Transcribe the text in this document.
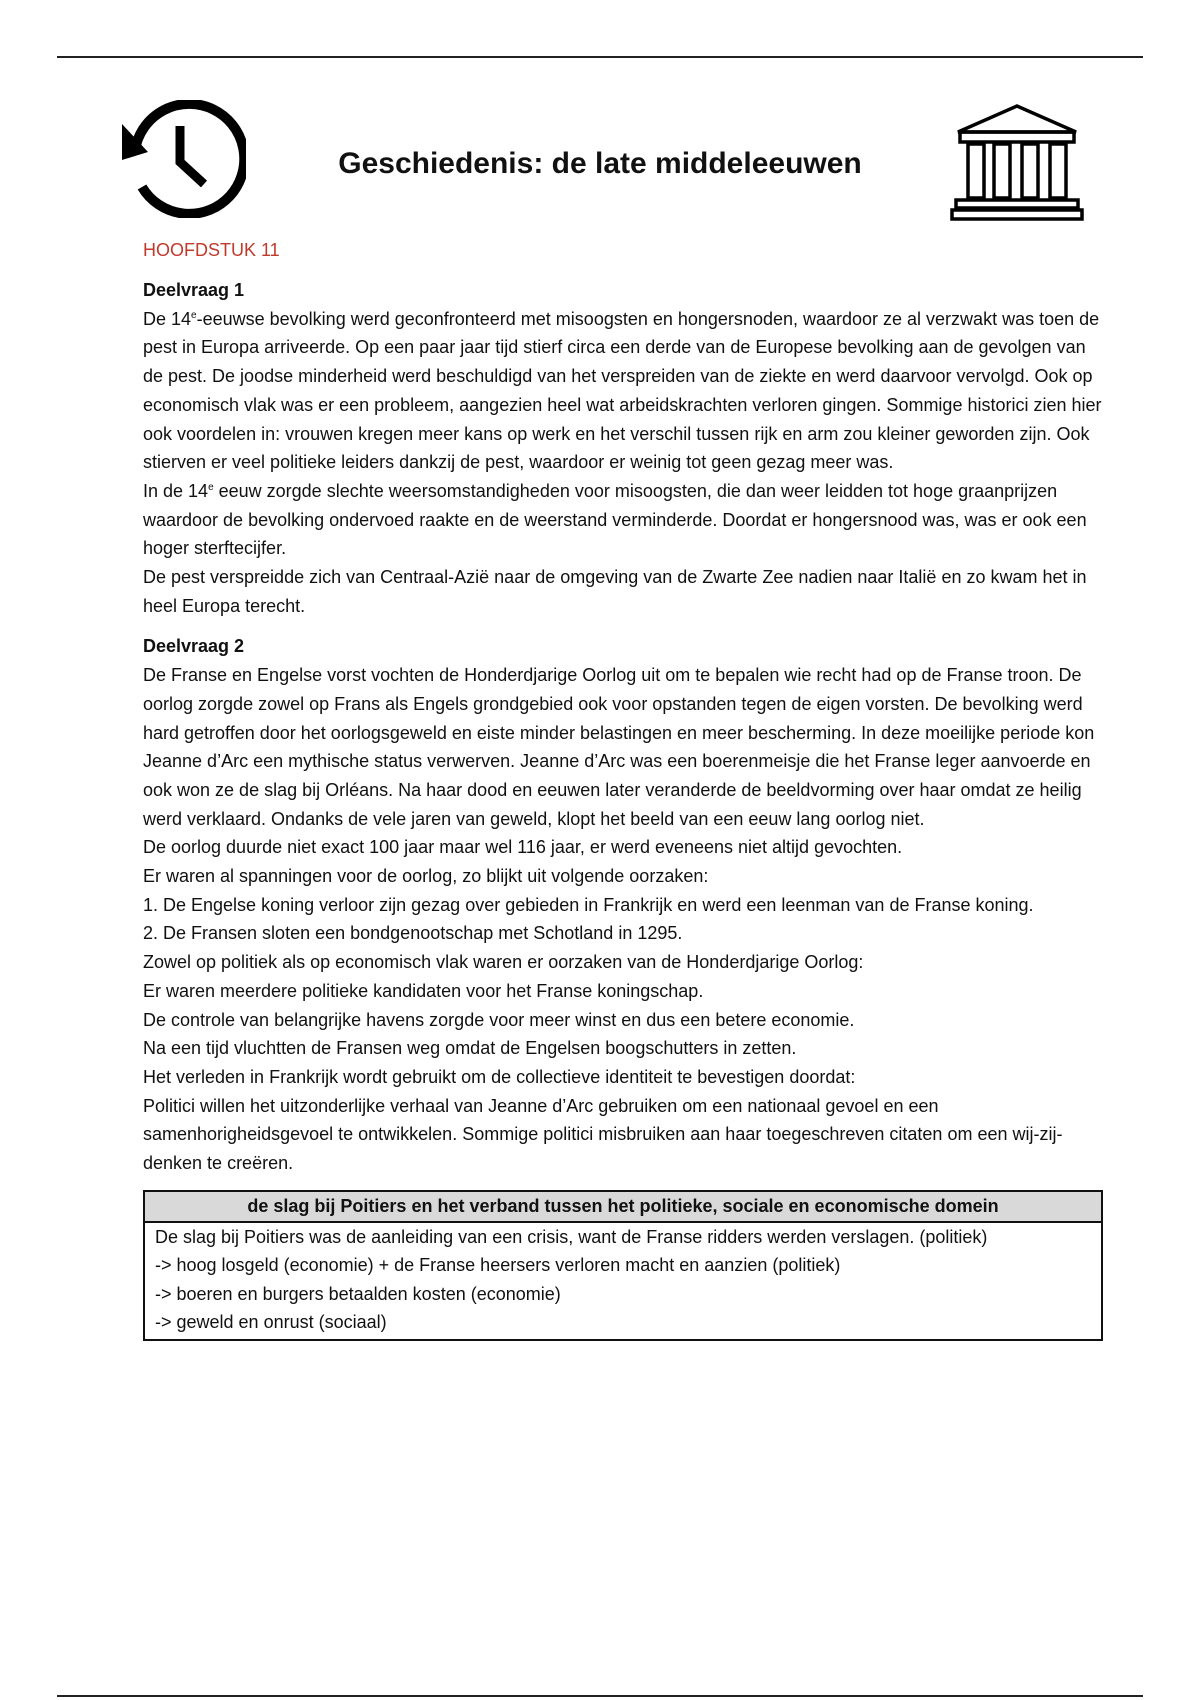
Geschiedenis: de late middeleeuwen

HOOFDSTUK 11

Deelvraag 1

De 14e-eeuwse bevolking werd geconfronteerd met misoogsten en hongersnoden, waardoor ze al verzwakt was toen de pest in Europa arriveerde. Op een paar jaar tijd stierf circa een derde van de Europese bevolking aan de gevolgen van de pest. De joodse minderheid werd beschuldigd van het verspreiden van de ziekte en werd daarvoor vervolgd. Ook op economisch vlak was er een probleem, aangezien heel wat arbeidskrachten verloren gingen. Sommige historici zien hier ook voordelen in: vrouwen kregen meer kans op werk en het verschil tussen rijk en arm zou kleiner geworden zijn. Ook stierven er veel politieke leiders dankzij de pest, waardoor er weinig tot geen gezag meer was.

In de 14e eeuw zorgde slechte weersomstandigheden voor misoogsten, die dan weer leidden tot hoge graanprijzen waardoor de bevolking ondervoed raakte en de weerstand verminderde. Doordat er hongersnood was, was er ook een hoger sterftecijfer.

De pest verspreidde zich van Centraal-Azië naar de omgeving van de Zwarte Zee nadien naar Italië en zo kwam het in heel Europa terecht.

Deelvraag 2

De Franse en Engelse vorst vochten de Honderdjarige Oorlog uit om te bepalen wie recht had op de Franse troon. De oorlog zorgde zowel op Frans als Engels grondgebied ook voor opstanden tegen de eigen vorsten. De bevolking werd hard getroffen door het oorlogsgeweld en eiste minder belastingen en meer bescherming. In deze moeilijke periode kon Jeanne d’Arc een mythische status verwerven. Jeanne d’Arc was een boerenmeisje die het Franse leger aanvoerde en ook won ze de slag bij Orléans. Na haar dood en eeuwen later veranderde de beeldvorming over haar omdat ze heilig werd verklaard. Ondanks de vele jaren van geweld, klopt het beeld van een eeuw lang oorlog niet.

De oorlog duurde niet exact 100 jaar maar wel 116 jaar, er werd eveneens niet altijd gevochten.

Er waren al spanningen voor de oorlog, zo blijkt uit volgende oorzaken:

1. De Engelse koning verloor zijn gezag over gebieden in Frankrijk en werd een leenman van de Franse koning.

2. De Fransen sloten een bondgenootschap met Schotland in 1295.

Zowel op politiek als op economisch vlak waren er oorzaken van de Honderdjarige Oorlog:

Er waren meerdere politieke kandidaten voor het Franse koningschap.

De controle van belangrijke havens zorgde voor meer winst en dus een betere economie.

Na een tijd vluchtten de Fransen weg omdat de Engelsen boogschutters in zetten.

Het verleden in Frankrijk wordt gebruikt om de collectieve identiteit te bevestigen doordat:

Politici willen het uitzonderlijke verhaal van Jeanne d’Arc gebruiken om een nationaal gevoel en een samenhorigheidsgevoel te ontwikkelen. Sommige politici misbruiken aan haar toegeschreven citaten om een wij-zij-denken te creëren.

de slag bij Poitiers en het verband tussen het politieke, sociale en economische domein

De slag bij Poitiers was de aanleiding van een crisis, want de Franse ridders werden verslagen. (politiek)

-> hoog losgeld (economie) + de Franse heersers verloren macht en aanzien (politiek)

-> boeren en burgers betaalden kosten (economie)

-> geweld en onrust (sociaal)
